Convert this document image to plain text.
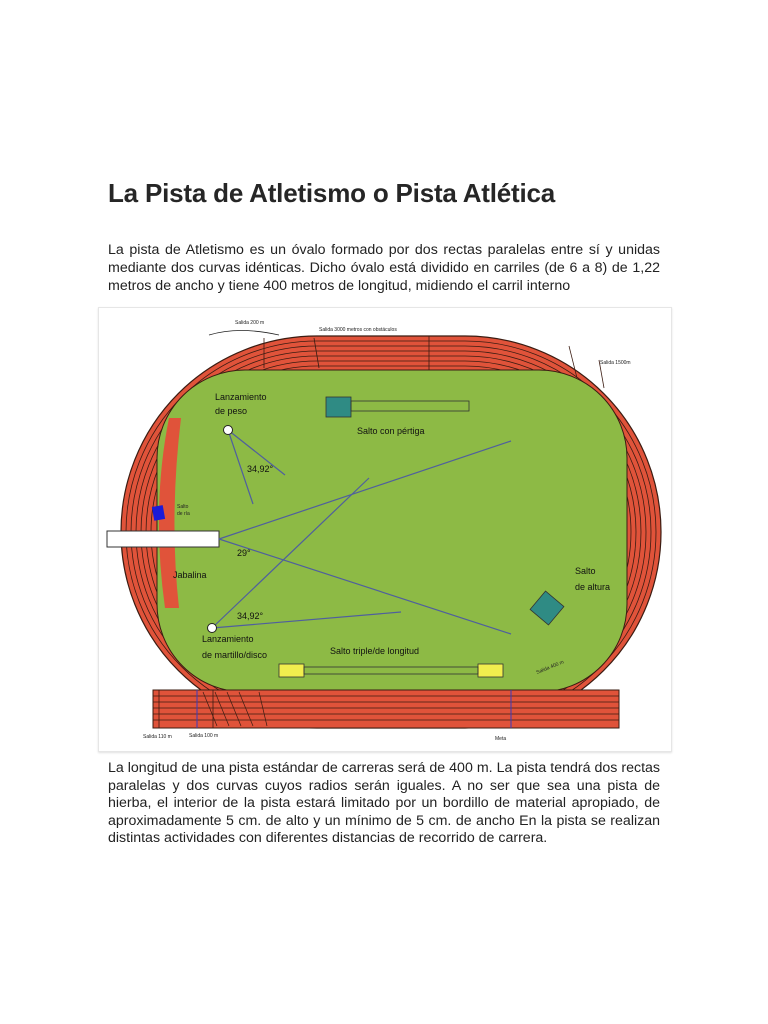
La Pista de Atletismo o Pista Atlética
La pista de Atletismo es un óvalo formado por dos rectas paralelas entre sí y unidas mediante dos curvas idénticas. Dicho óvalo está dividido en carriles (de 6 a 8) de 1,22 metros de ancho y tiene 400 metros de longitud, midiendo el carril interno
Salida 200 m
Salida 3000 metros con obstáculos
Salida 1500m
Lanzamiento
de peso
Salto con pértiga
34,92°
Salto
de ría
29°
Jabalina	Salto
de altura
34,92°
Lanzamiento
de martillo/disco	Salto triple/de longitud
Salida 400 m
Salida 110 m	Salida 100 m	Meta
La longitud de una pista estándar de carreras será de 400 m. La pista tendrá dos rectas paralelas y dos curvas cuyos radios serán iguales. A no ser que sea una pista de hierba, el interior de la pista estará limitado por un bordillo de material apropiado, de aproximadamente 5 cm. de alto y un mínimo de 5 cm. de ancho En la pista se realizan distintas actividades con diferentes distancias de recorrido de carrera.
